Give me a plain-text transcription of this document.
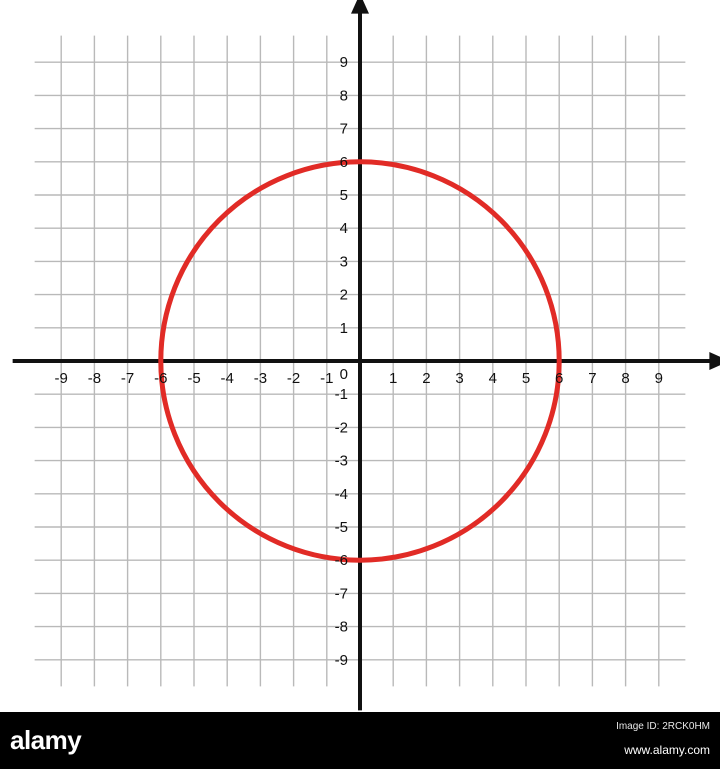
-9 -8 -7 -6 -5 -4 -3 -2 -1	1 2 3 4 5 6 7 8 9
-9
-8
-7
-6
-5
-4
-3
-2
-1
1
2
3
4
5
6
7
8
9
0
alamy	Image ID: 2RCK0HM
www.alamy.com
